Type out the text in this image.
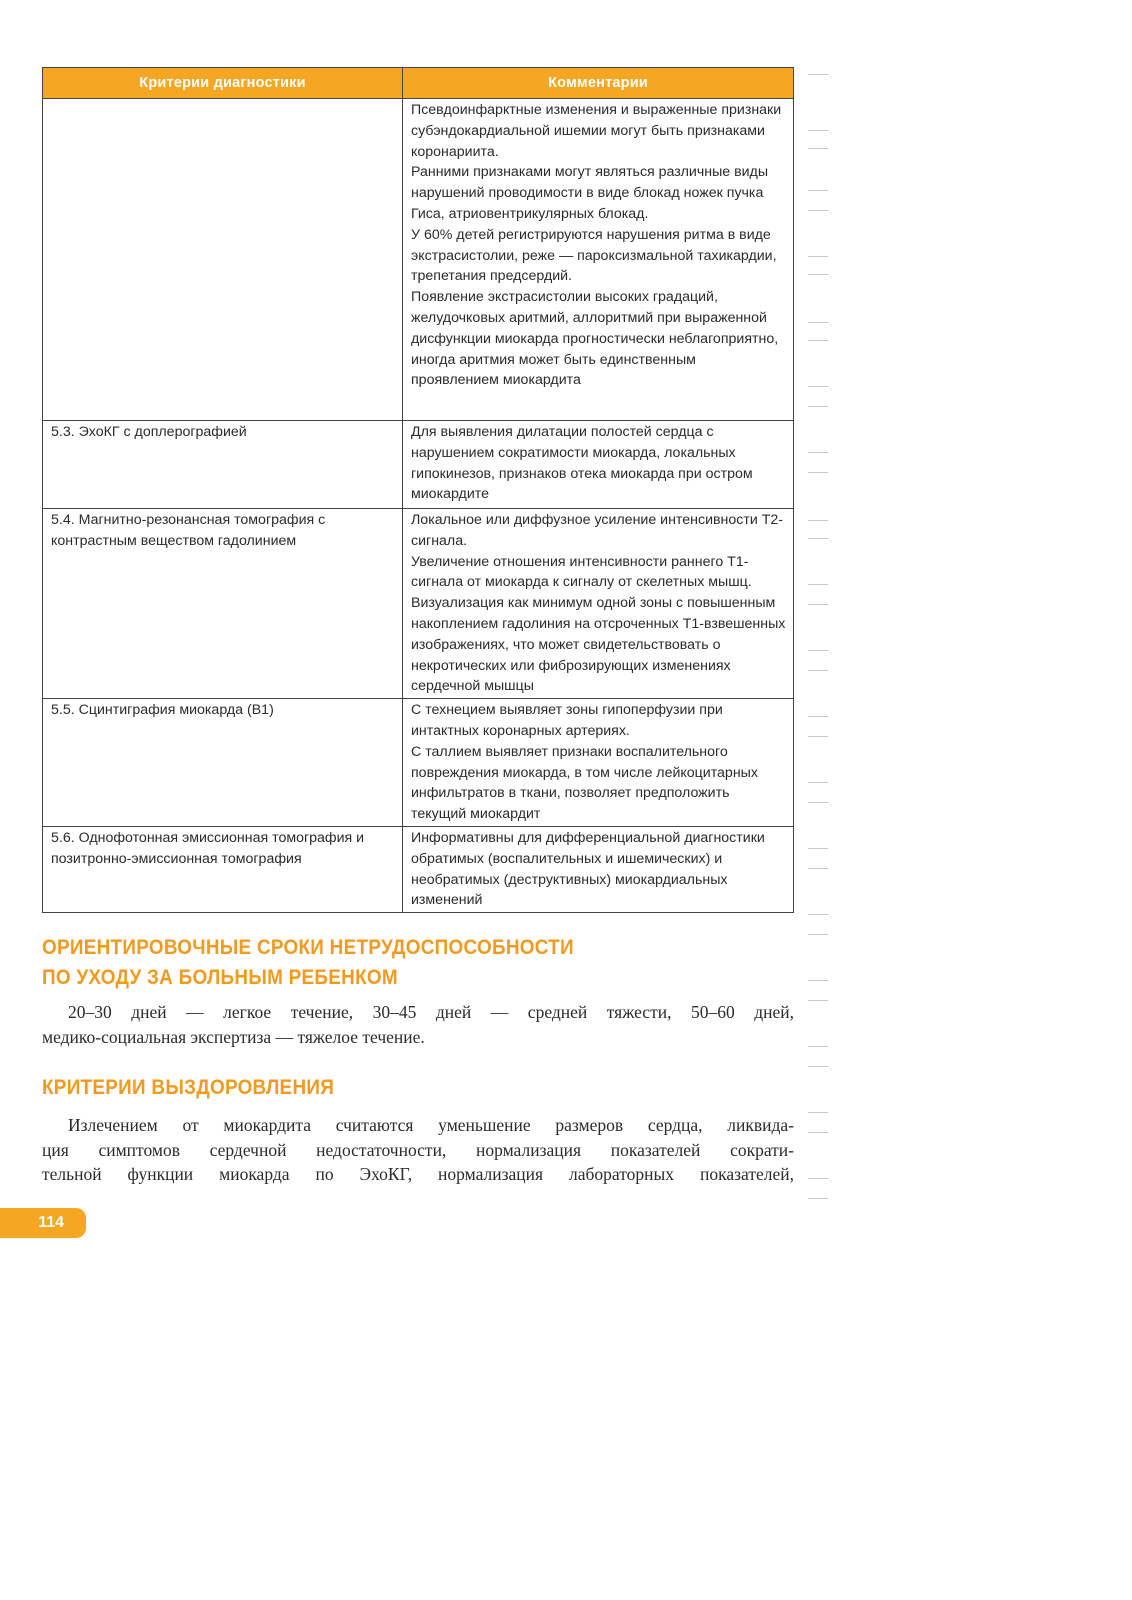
Критерии диагностики	Комментарии

	Псевдоинфарктные изменения и выраженные признаки субэндокардиальной ишемии могут быть признаками коронариита.
Ранними признаками могут являться различные виды нарушений проводимости в виде блокад ножек пучка Гиса, атриовентрикулярных блокад.
У 60% детей регистрируются нарушения ритма в виде экстрасистолии, реже — пароксизмальной тахикардии, трепетания предсердий.
Появление экстрасистолии высоких градаций, желудочковых аритмий, аллоритмий при выраженной дисфункции миокарда прогностически неблагоприятно, иногда аритмия может быть единственным проявлением миокардита

5.3. ЭхоКГ с доплерографией	Для выявления дилатации полостей сердца с нарушением сократимости миокарда, локальных гипокинезов, признаков отека миокарда при остром миокардите

5.4. Магнитно-резонансная томография с контрастным веществом гадолинием	Локальное или диффузное усиление интенсивности Т2-сигнала.
Увеличение отношения интенсивности раннего Т1-сигнала от миокарда к сигналу от скелетных мышц.
Визуализация как минимум одной зоны с повышенным накоплением гадолиния на отсроченных Т1-взвешенных изображениях, что может свидетельствовать о некротических или фиброзирующих изменениях сердечной мышцы

5.5. Сцинтиграфия миокарда (В1)	С технецием выявляет зоны гипоперфузии при интактных коронарных артериях.
С таллием выявляет признаки воспалительного повреждения миокарда, в том числе лейкоцитарных инфильтратов в ткани, позволяет предположить текущий миокардит

5.6. Однофотонная эмиссионная томография и позитронно-эмиссионная томография	Информативны для дифференциальной диагностики обратимых (воспалительных и ишемических) и необратимых (деструктивных) миокардиальных изменений
ОРИЕНТИРОВОЧНЫЕ СРОКИ НЕТРУДОСПОСОБНОСТИ
ПО УХОДУ ЗА БОЛЬНЫМ РЕБЕНКОМ

20–30 дней — легкое течение, 30–45 дней — средней тяжести, 50–60 дней,
медико-социальная экспертиза — тяжелое течение.

КРИТЕРИИ ВЫЗДОРОВЛЕНИЯ

Излечением от миокардита считаются уменьшение размеров сердца, ликвида-
ция симптомов сердечной недостаточности, нормализация показателей сократи-
тельной функции миокарда по ЭхоКГ, нормализация лабораторных показателей,

114
